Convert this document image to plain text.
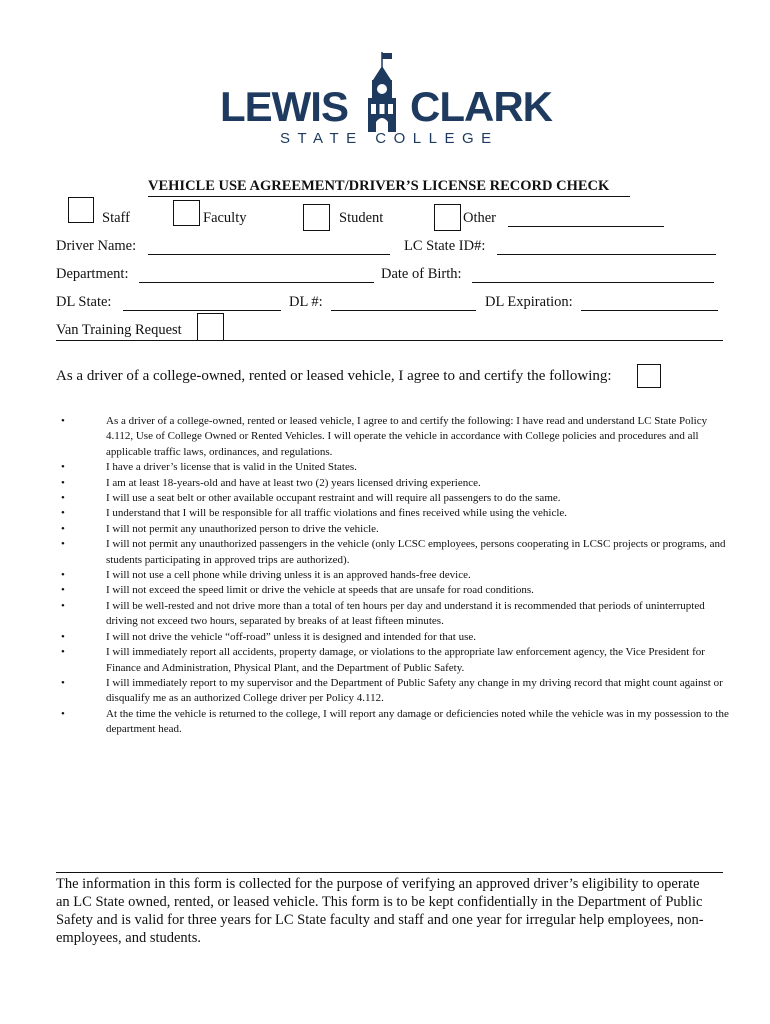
LEWIS CLARK
STATE COLLEGE
VEHICLE USE AGREEMENT/DRIVER’S LICENSE RECORD CHECK
Staff	Faculty	Student	Other
Driver Name:	LC State ID#:
Department:	Date of Birth:
DL State:	DL #:	DL Expiration:
Van Training Request
As a driver of a college-owned, rented or leased vehicle, I agree to and certify the following:
•	As a driver of a college-owned, rented or leased vehicle, I agree to and certify the following: I have read and understand LC State Policy 4.112, Use of College Owned or Rented Vehicles. I will operate the vehicle in accordance with College policies and procedures and all applicable traffic laws, ordinances, and regulations.
•	I have a driver’s license that is valid in the United States.
•	I am at least 18-years-old and have at least two (2) years licensed driving experience.
•	I will use a seat belt or other available occupant restraint and will require all passengers to do the same.
•	I understand that I will be responsible for all traffic violations and fines received while using the vehicle.
•	I will not permit any unauthorized person to drive the vehicle.
•	I will not permit any unauthorized passengers in the vehicle (only LCSC employees, persons cooperating in LCSC projects or programs, and students participating in approved trips are authorized).
•	I will not use a cell phone while driving unless it is an approved hands-free device.
•	I will not exceed the speed limit or drive the vehicle at speeds that are unsafe for road conditions.
•	I will be well-rested and not drive more than a total of ten hours per day and understand it is recommended that periods of uninterrupted driving not exceed two hours, separated by breaks of at least fifteen minutes.
•	I will not drive the vehicle “off-road” unless it is designed and intended for that use.
•	I will immediately report all accidents, property damage, or violations to the appropriate law enforcement agency, the Vice President for Finance and Administration, Physical Plant, and the Department of Public Safety.
•	I will immediately report to my supervisor and the Department of Public Safety any change in my driving record that might count against or disqualify me as an authorized College driver per Policy 4.112.
•	At the time the vehicle is returned to the college, I will report any damage or deficiencies noted while the vehicle was in my possession to the department head.
The information in this form is collected for the purpose of verifying an approved driver’s eligibility to operate an LC State owned, rented, or leased vehicle. This form is to be kept confidentially in the Department of Public Safety and is valid for three years for LC State faculty and staff and one year for irregular help employees, non-employees, and students.
